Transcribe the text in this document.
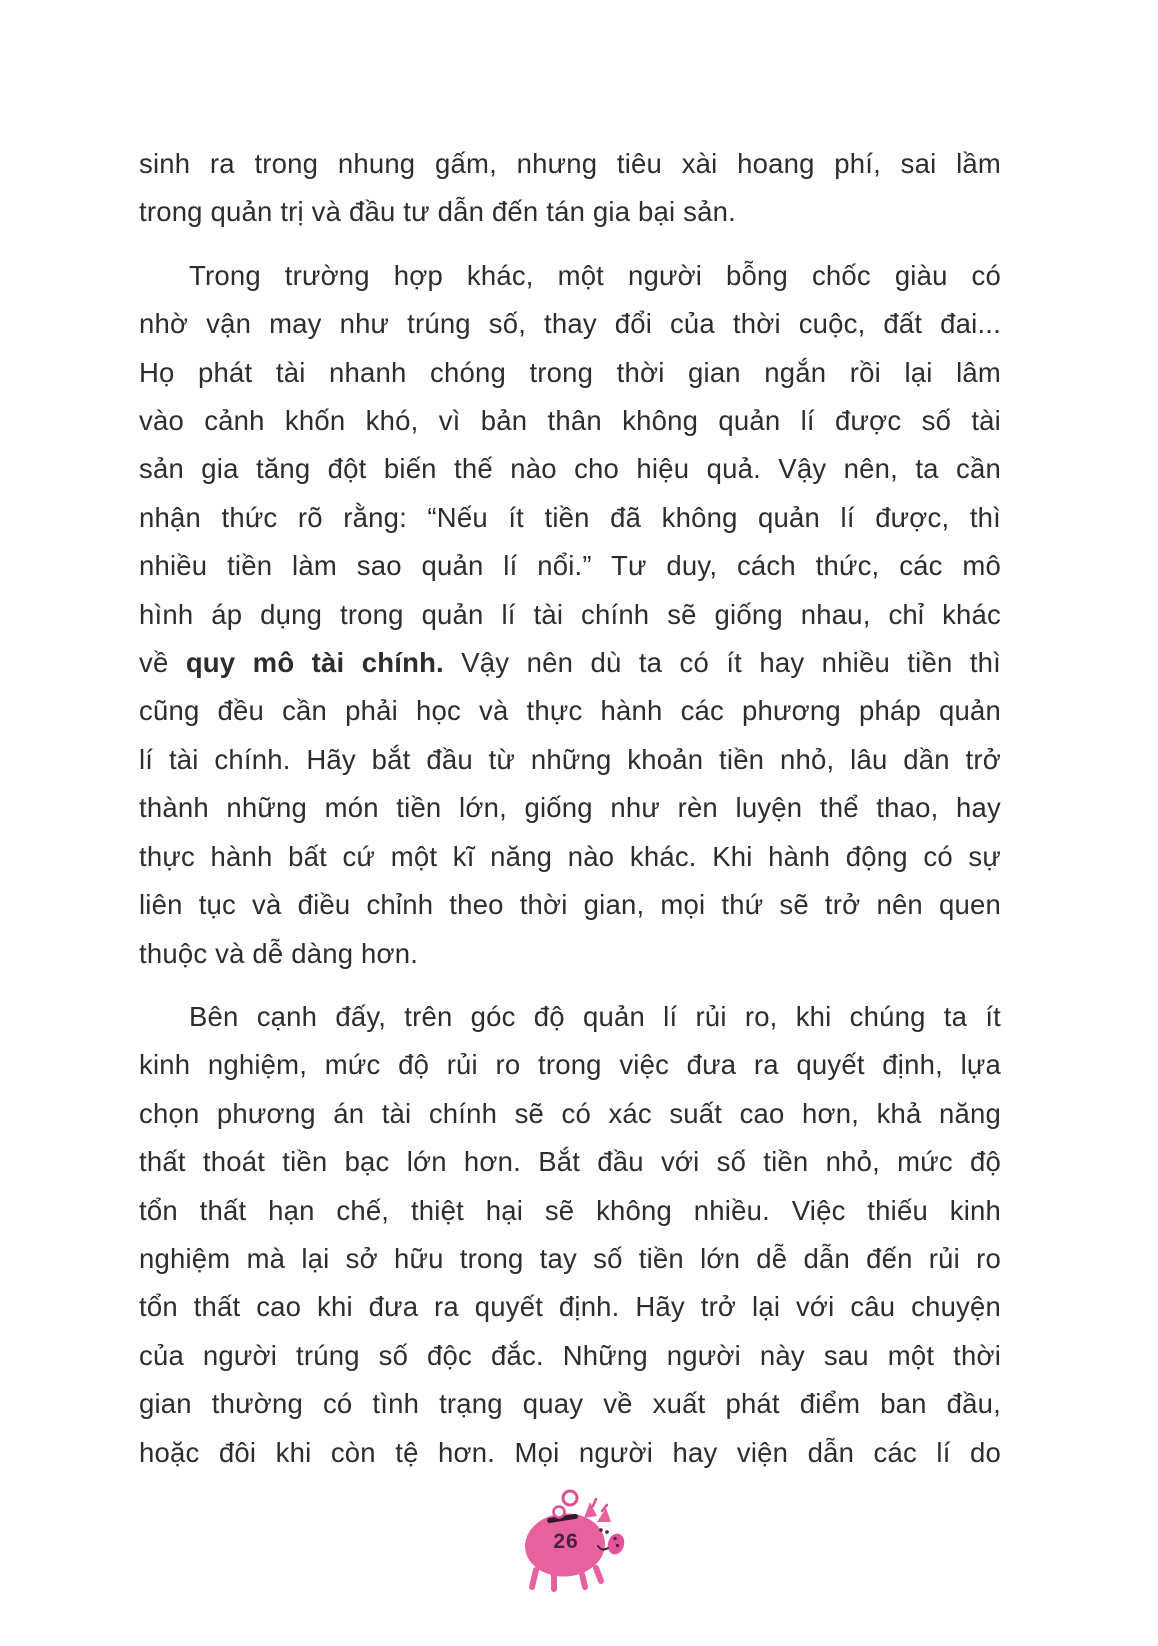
sinh ra trong nhung gấm, nhưng tiêu xài hoang phí, sai lầm
trong quản trị và đầu tư dẫn đến tán gia bại sản.
Trong trường hợp khác, một người bỗng chốc giàu có
nhờ vận may như trúng số, thay đổi của thời cuộc, đất đai...
Họ phát tài nhanh chóng trong thời gian ngắn rồi lại lâm
vào cảnh khốn khó, vì bản thân không quản lí được số tài
sản gia tăng đột biến thế nào cho hiệu quả. Vậy nên, ta cần
nhận thức rõ rằng: “Nếu ít tiền đã không quản lí được, thì
nhiều tiền làm sao quản lí nổi.” Tư duy, cách thức, các mô
hình áp dụng trong quản lí tài chính sẽ giống nhau, chỉ khác
về quy mô tài chính. Vậy nên dù ta có ít hay nhiều tiền thì
cũng đều cần phải học và thực hành các phương pháp quản
lí tài chính. Hãy bắt đầu từ những khoản tiền nhỏ, lâu dần trở
thành những món tiền lớn, giống như rèn luyện thể thao, hay
thực hành bất cứ một kĩ năng nào khác. Khi hành động có sự
liên tục và điều chỉnh theo thời gian, mọi thứ sẽ trở nên quen
thuộc và dễ dàng hơn.
Bên cạnh đấy, trên góc độ quản lí rủi ro, khi chúng ta ít
kinh nghiệm, mức độ rủi ro trong việc đưa ra quyết định, lựa
chọn phương án tài chính sẽ có xác suất cao hơn, khả năng
thất thoát tiền bạc lớn hơn. Bắt đầu với số tiền nhỏ, mức độ
tổn thất hạn chế, thiệt hại sẽ không nhiều. Việc thiếu kinh
nghiệm mà lại sở hữu trong tay số tiền lớn dễ dẫn đến rủi ro
tổn thất cao khi đưa ra quyết định. Hãy trở lại với câu chuyện
của người trúng số độc đắc. Những người này sau một thời
gian thường có tình trạng quay về xuất phát điểm ban đầu,
hoặc đôi khi còn tệ hơn. Mọi người hay viện dẫn các lí do
26
